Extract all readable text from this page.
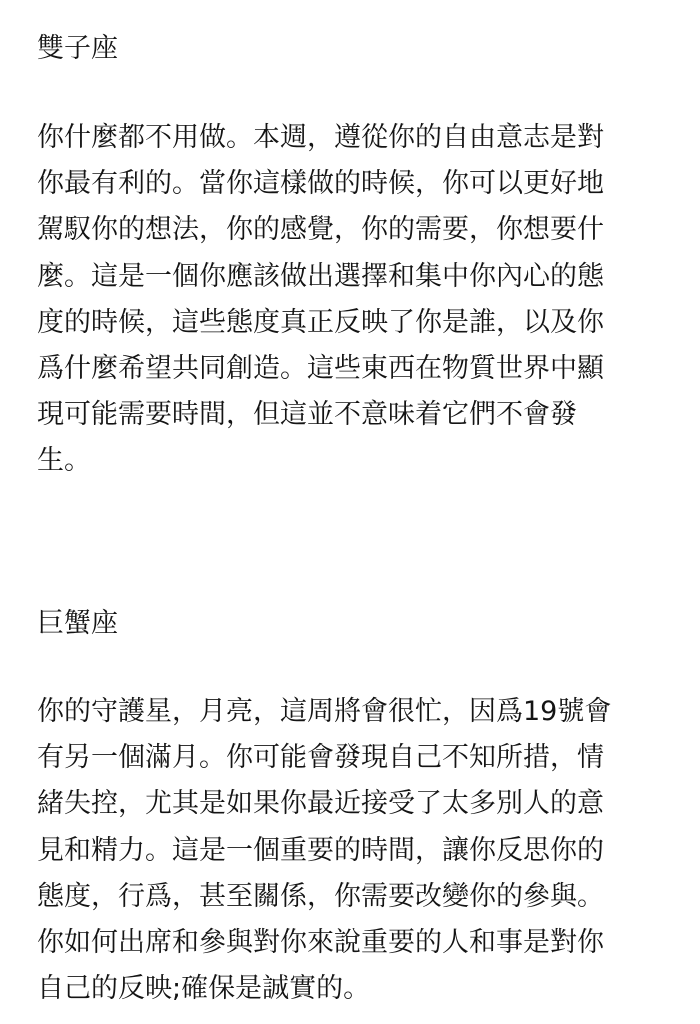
雙子座

你什麼都不用做。本週，遵從你的自由意志是對
你最有利的。當你這樣做的時候，你可以更好地
駕馭你的想法，你的感覺，你的需要，你想要什
麼。這是一個你應該做出選擇和集中你內心的態
度的時候，這些態度真正反映了你是誰，以及你
爲什麼希望共同創造。這些東西在物質世界中顯
現可能需要時間，但這並不意味着它們不會發
生。

巨蟹座

你的守護星，月亮，這周將會很忙，因爲19號會
有另一個滿月。你可能會發現自己不知所措，情
緒失控，尤其是如果你最近接受了太多別人的意
見和精力。這是一個重要的時間，讓你反思你的
態度，行爲，甚至關係，你需要改變你的參與。
你如何出席和參與對你來說重要的人和事是對你
自己的反映;確保是誠實的。
